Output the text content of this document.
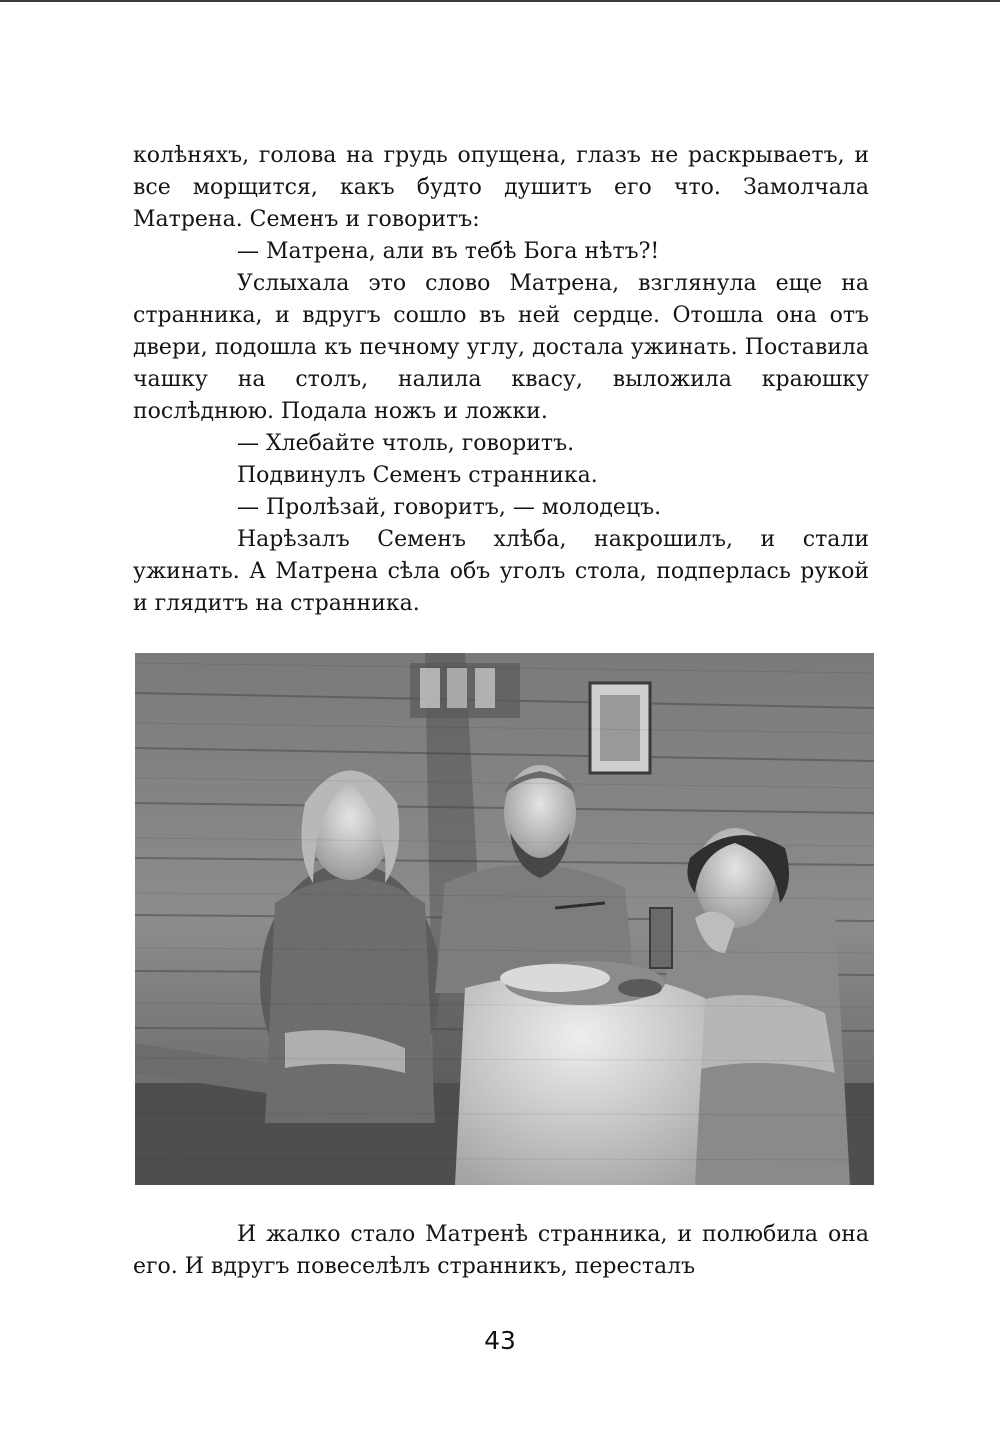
колѣняхъ, голова на грудь опущена, глазъ не раскрываетъ, и все морщится, какъ будто душитъ его что. Замолчала Матрена. Семенъ и говоритъ:

— Матрена, али въ тебѣ Бога нѣтъ?!

Услыхала это слово Матрена, взглянула еще на странника, и вдругъ сошло въ ней сердце. Отошла она отъ двери, подошла къ печному углу, достала ужинать. Поставила чашку на столъ, налила квасу, выложила краюшку послѣднюю. Подала ножъ и ложки.

— Хлебайте чтоль, говоритъ.

Подвинулъ Семенъ странника.

— Пролѣзай, говоритъ, — молодецъ.

Нарѣзалъ Семенъ хлѣба, накрошилъ, и стали ужинать. А Матрена сѣла объ уголъ стола, подперлась рукой и глядитъ на странника.

И жалко стало Матренѣ странника, и полюбила она его. И вдругъ повеселѣлъ странникъ, пересталъ

43
